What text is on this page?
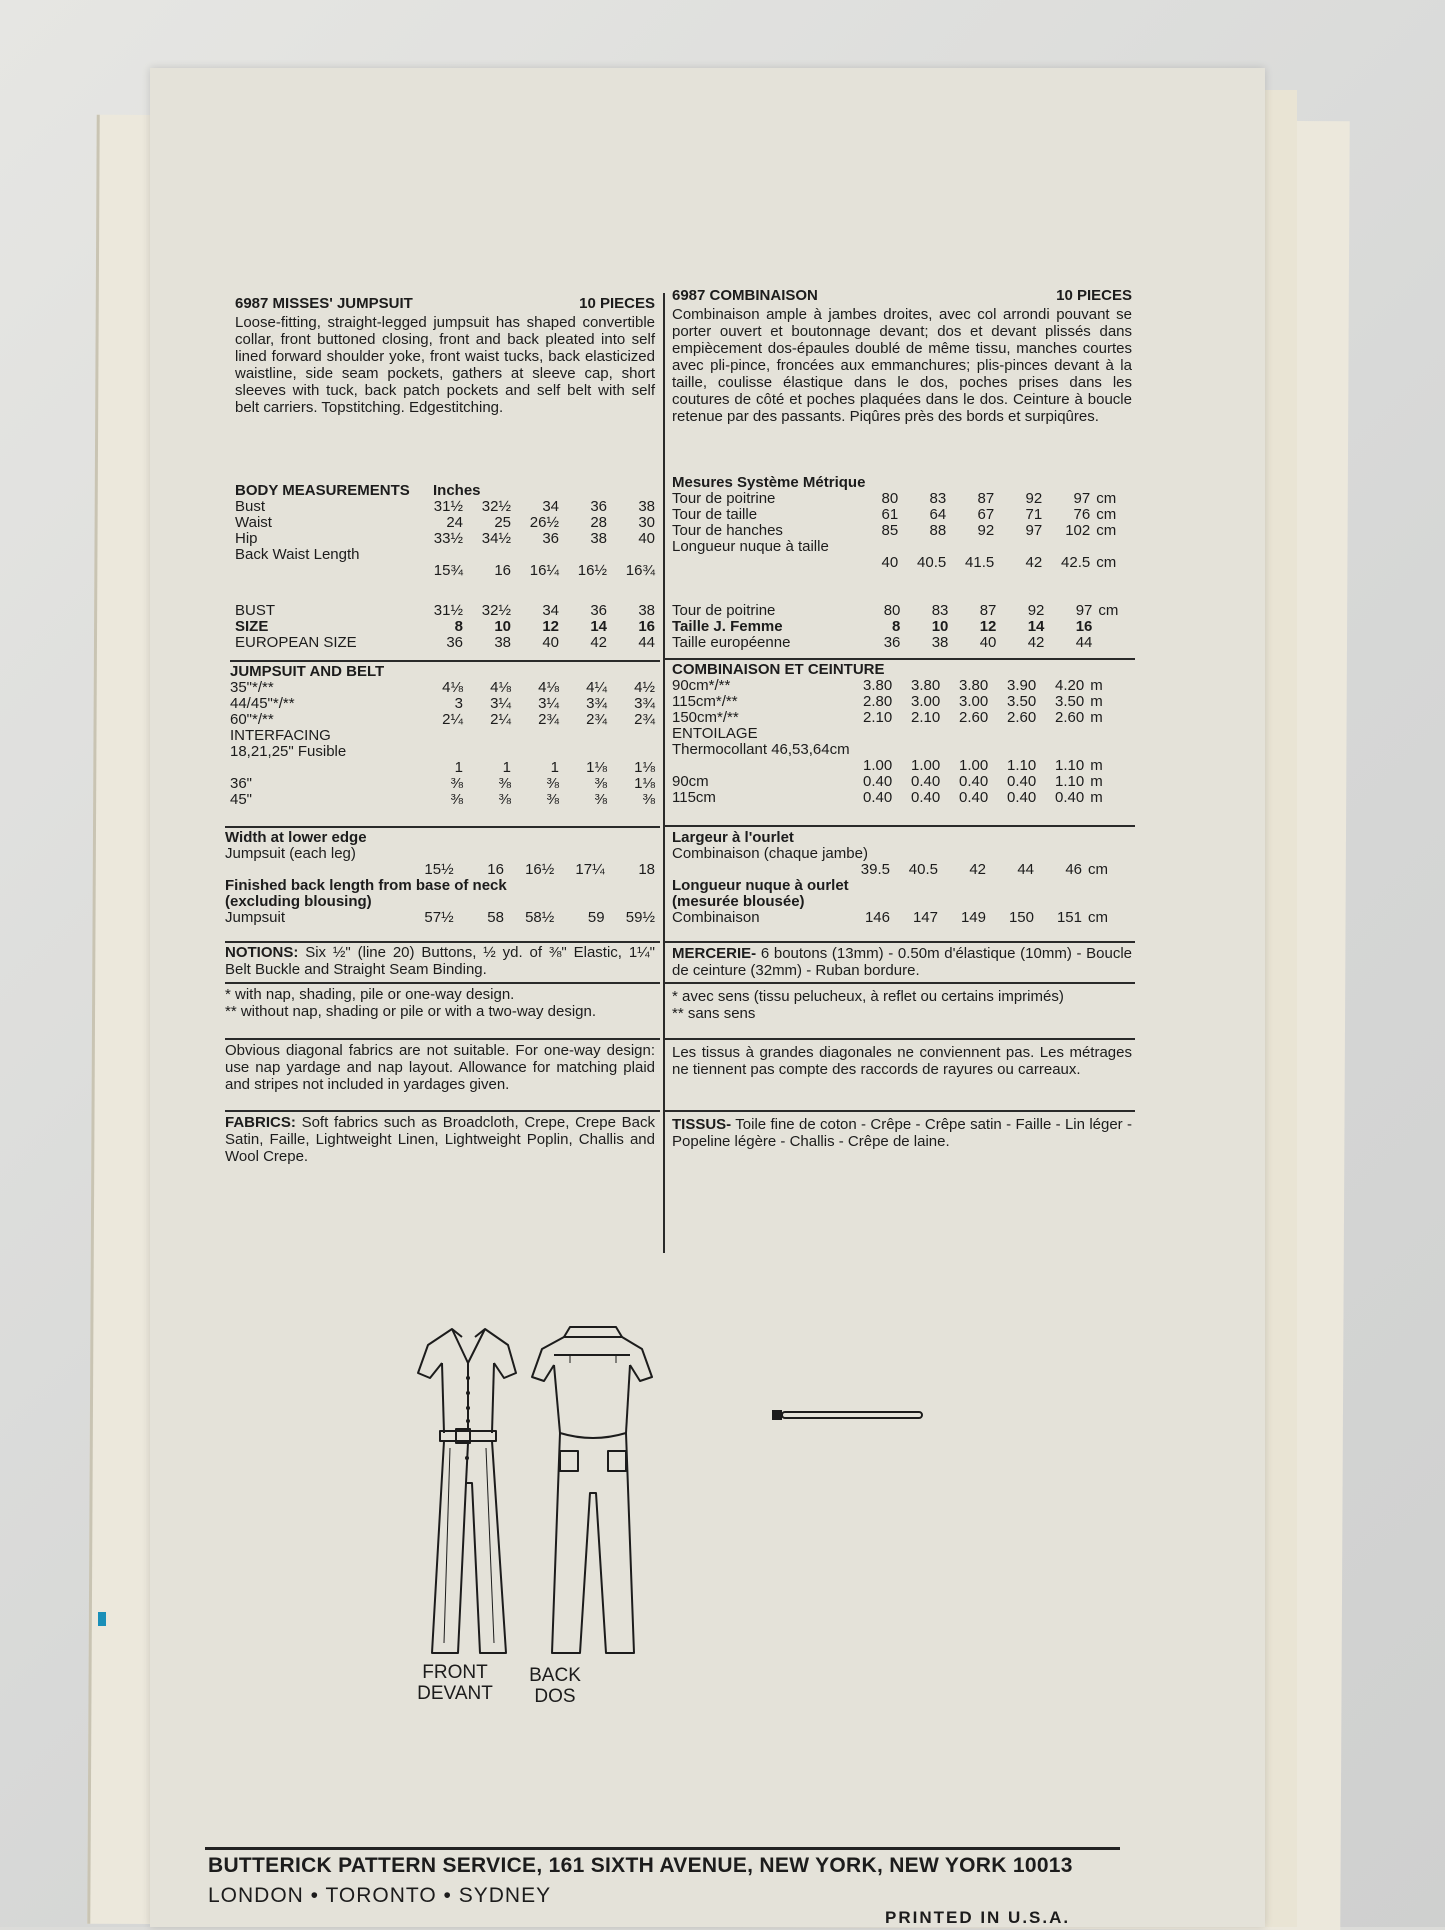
6987 MISSES' JUMPSUIT	10 PIECES
Loose-fitting, straight-legged jumpsuit has shaped convertible collar, front buttoned closing, front and back pleated into self lined forward shoulder yoke, front waist tucks, back elasticized waistline, side seam pockets, gathers at sleeve cap, short sleeves with tuck, back patch pockets and self belt with self belt carriers. Topstitching. Edgestitching.
BODY MEASUREMENTS	Inches				
Bust	31½	32½	34	36	38
Waist	24	25	26½	28	30
Hip	33½	34½	36	38	40
Back Waist Length					
	15¾	16	16¼	16½	16¾
BUST	31½	32½	34	36	38
SIZE	8	10	12	14	16
EUROPEAN SIZE	36	38	40	42	44
JUMPSUIT AND BELT					
35"*/**	4⅛	4⅛	4⅛	4¼	4½
44/45"*/**	3	3¼	3¼	3¾	3¾
60"*/**	2¼	2¼	2¾	2¾	2¾
INTERFACING					
18,21,25" Fusible					
	1	1	1	1⅛	1⅛
36"	⅜	⅜	⅜	⅜	1⅛
45"	⅜	⅜	⅜	⅜	⅜
Width at lower edge					
Jumpsuit (each leg)					
	15½	16	16½	17¼	18
Finished back length from base of neck					
(excluding blousing)					
Jumpsuit	57½	58	58½	59	59½
NOTIONS: Six ½" (line 20) Buttons, ½ yd. of ⅜" Elastic, 1¼" Belt Buckle and Straight Seam Binding.
* with nap, shading, pile or one-way design.
** without nap, shading or pile or with a two-way design.
Obvious diagonal fabrics are not suitable. For one-way design: use nap yardage and nap layout. Allowance for matching plaid and stripes not included in yardages given.
FABRICS: Soft fabrics such as Broadcloth, Crepe, Crepe Back Satin, Faille, Lightweight Linen, Lightweight Poplin, Challis and Wool Crepe.
6987 COMBINAISON	10 PIECES
Combinaison ample à jambes droites, avec col arrondi pouvant se porter ouvert et boutonnage devant; dos et devant plissés dans empiècement dos-épaules doublé de même tissu, manches courtes avec pli-pince, froncées aux emmanchures; plis-pinces devant à la taille, coulisse élastique dans le dos, poches prises dans les coutures de côté et poches plaquées dans le dos. Ceinture à boucle retenue par des passants. Piqûres près des bords et surpiqûres.
Mesures Système Métrique						
Tour de poitrine	80	83	87	92	97	cm
Tour de taille	61	64	67	71	76	cm
Tour de hanches	85	88	92	97	102	cm
Longueur nuque à taille						
	40	40.5	41.5	42	42.5	cm
Tour de poitrine	80	83	87	92	97	cm
Taille J. Femme	8	10	12	14	16	
Taille européenne	36	38	40	42	44	
COMBINAISON ET CEINTURE						
90cm*/**	3.80	3.80	3.80	3.90	4.20	m
115cm*/**	2.80	3.00	3.00	3.50	3.50	m
150cm*/**	2.10	2.10	2.60	2.60	2.60	m
ENTOILAGE						
Thermocollant 46,53,64cm						
	1.00	1.00	1.00	1.10	1.10	m
90cm	0.40	0.40	0.40	0.40	1.10	m
115cm	0.40	0.40	0.40	0.40	0.40	m
Largeur à l'ourlet						
Combinaison (chaque jambe)						
	39.5	40.5	42	44	46	cm
Longueur nuque à ourlet						
(mesurée blousée)						
Combinaison	146	147	149	150	151	cm
MERCERIE- 6 boutons (13mm) - 0.50m d'élastique (10mm) - Boucle de ceinture (32mm) - Ruban bordure.
* avec sens (tissu pelucheux, à reflet ou certains imprimés)
** sans sens
Les tissus à grandes diagonales ne conviennent pas. Les métrages ne tiennent pas compte des raccords de rayures ou carreaux.
TISSUS- Toile fine de coton - Crêpe - Crêpe satin - Faille - Lin léger - Popeline légère - Challis - Crêpe de laine.
FRONT
DEVANT
BACK
DOS
BUTTERICK PATTERN SERVICE, 161 SIXTH AVENUE, NEW YORK, NEW YORK 10013
LONDON • TORONTO • SYDNEY
PRINTED IN U.S.A.
